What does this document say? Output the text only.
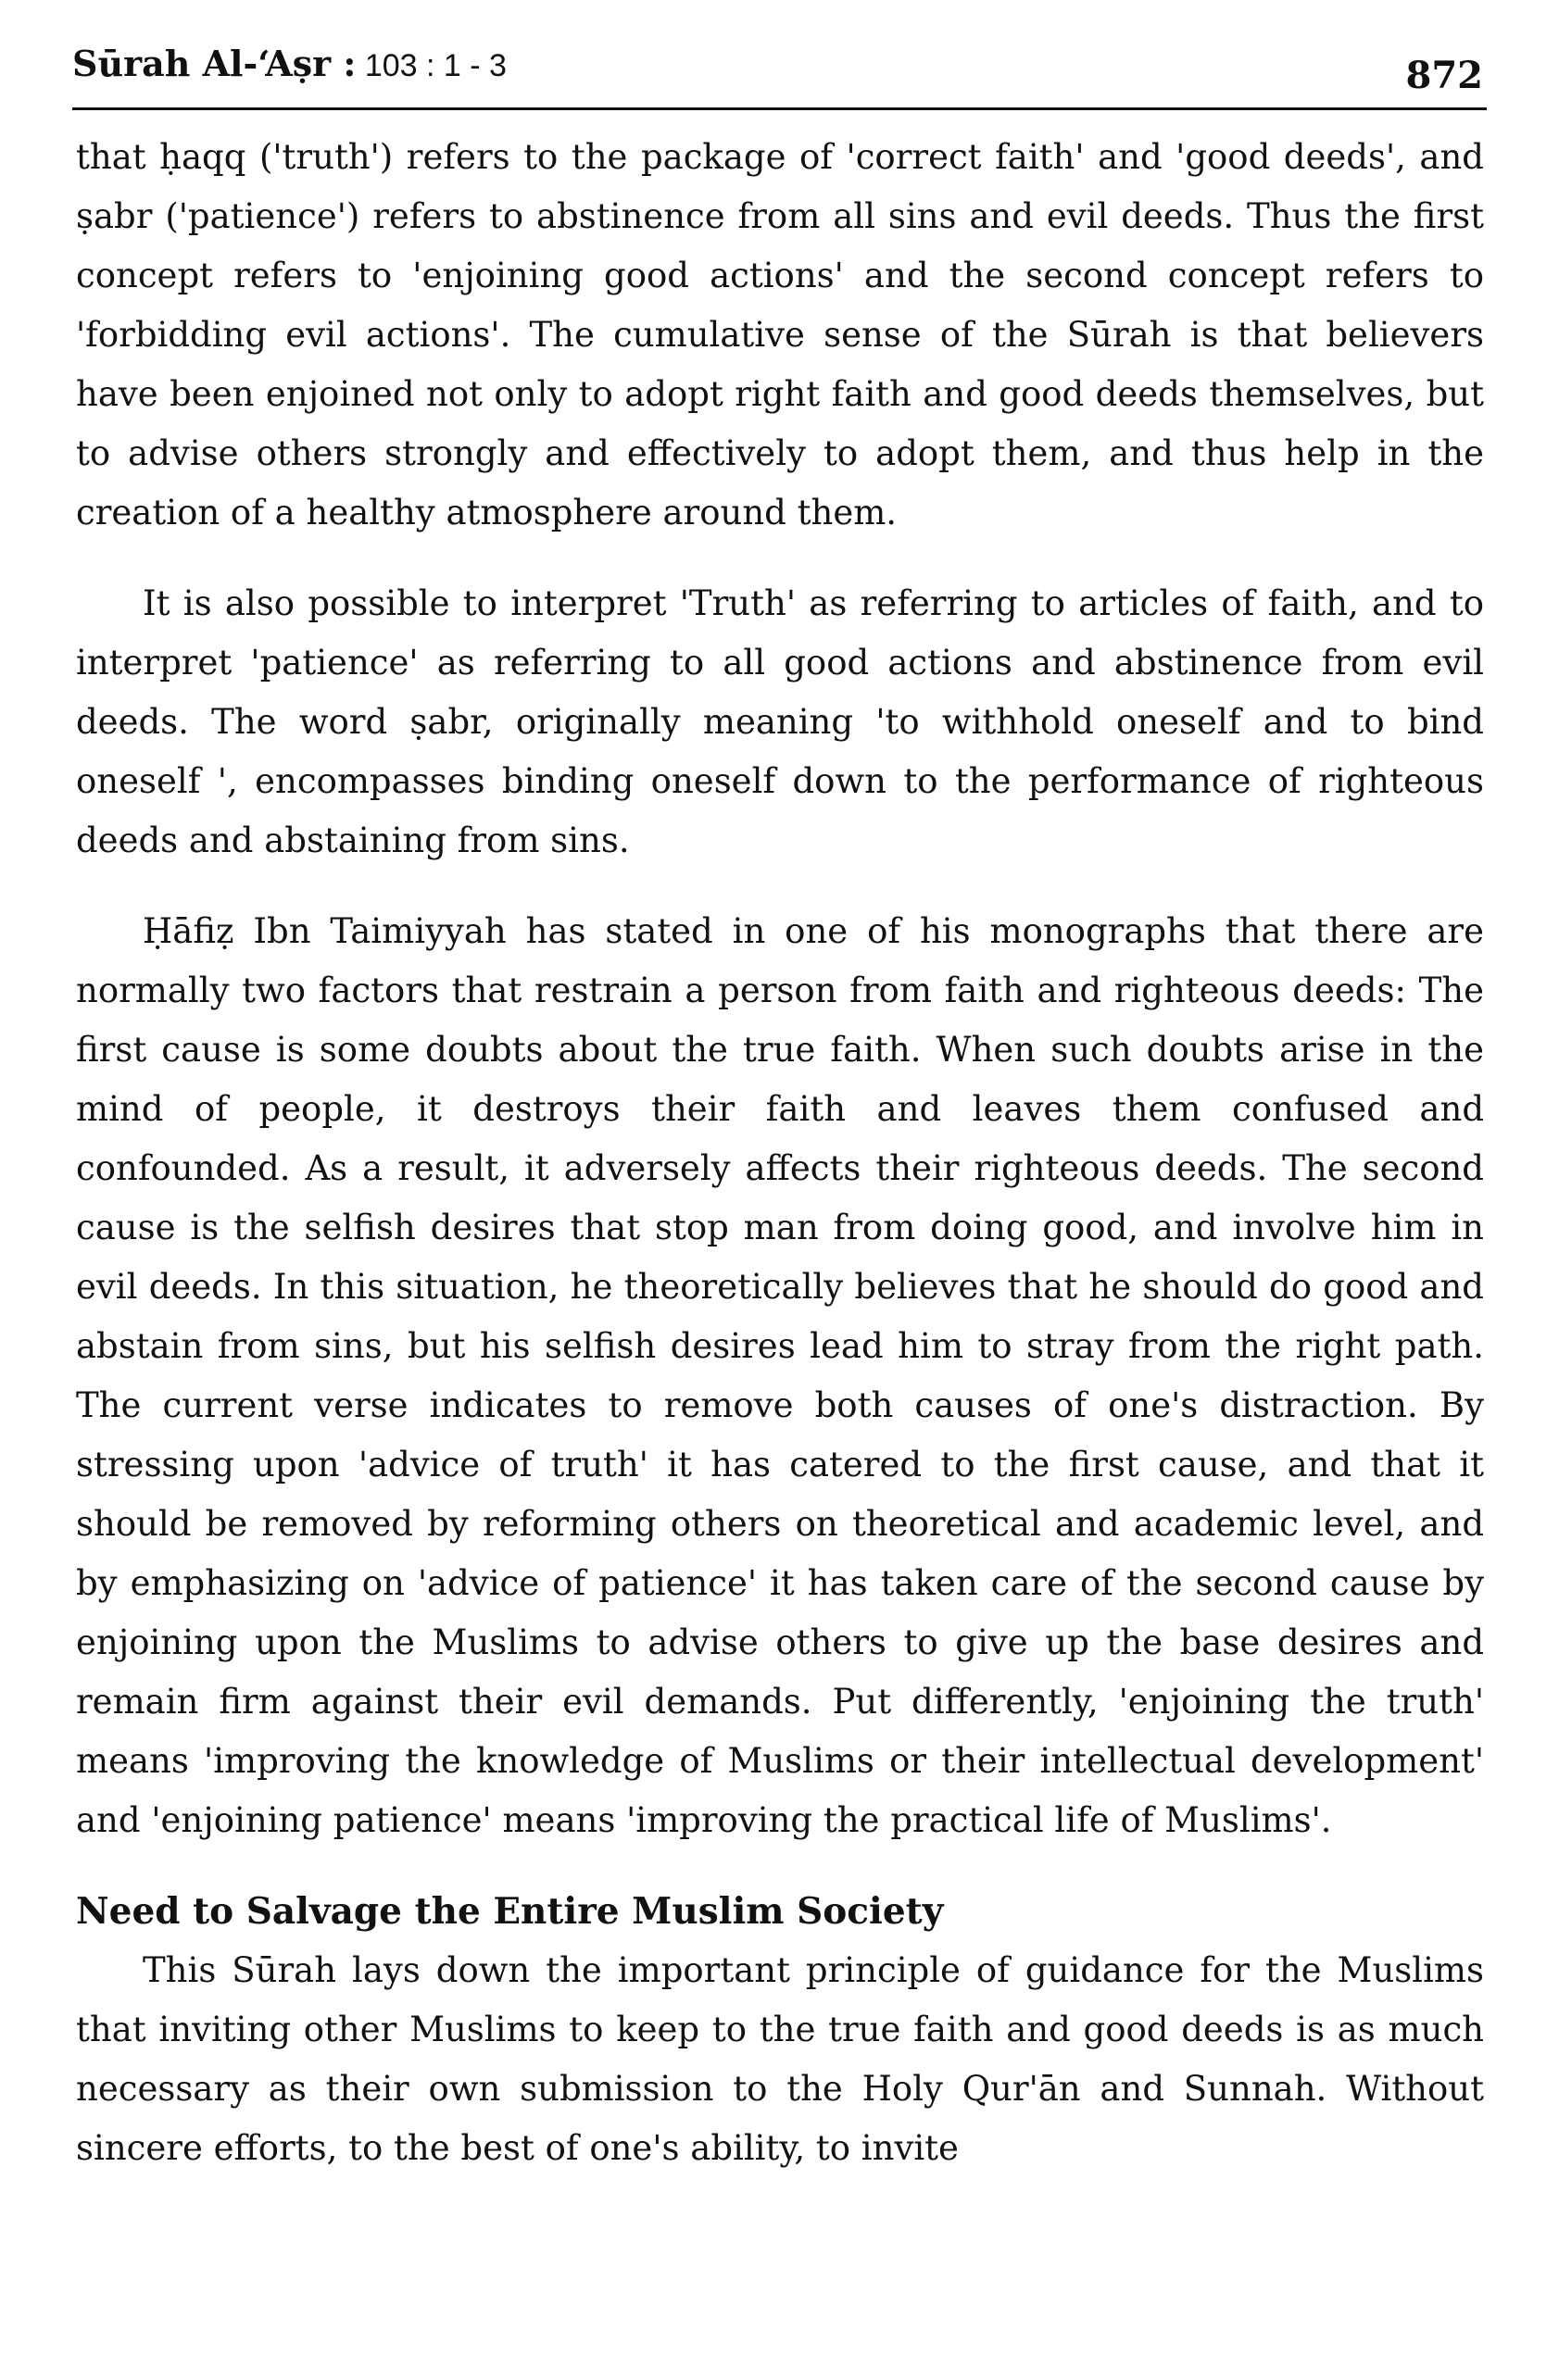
Sūrah Al-‘Aṣr : 103 : 1 - 3	872

that ḥaqq ('truth') refers to the package of 'correct faith' and 'good deeds', and ṣabr ('patience') refers to abstinence from all sins and evil deeds. Thus the first concept refers to 'enjoining good actions' and the second concept refers to 'forbidding evil actions'. The cumulative sense of the Sūrah is that believers have been enjoined not only to adopt right faith and good deeds themselves, but to advise others strongly and effectively to adopt them, and thus help in the creation of a healthy atmosphere around them.

It is also possible to interpret 'Truth' as referring to articles of faith, and to interpret 'patience' as referring to all good actions and abstinence from evil deeds. The word ṣabr, originally meaning 'to withhold oneself and to bind oneself ', encompasses binding oneself down to the performance of righteous deeds and abstaining from sins.

Ḥāfiẓ Ibn Taimiyyah has stated in one of his monographs that there are normally two factors that restrain a person from faith and righteous deeds: The first cause is some doubts about the true faith. When such doubts arise in the mind of people, it destroys their faith and leaves them confused and confounded. As a result, it adversely affects their righteous deeds. The second cause is the selfish desires that stop man from doing good, and involve him in evil deeds. In this situation, he theoretically believes that he should do good and abstain from sins, but his selfish desires lead him to stray from the right path. The current verse indicates to remove both causes of one's distraction. By stressing upon 'advice of truth' it has catered to the first cause, and that it should be removed by reforming others on theoretical and academic level, and by emphasizing on 'advice of patience' it has taken care of the second cause by enjoining upon the Muslims to advise others to give up the base desires and remain firm against their evil demands. Put differently, 'enjoining the truth' means 'improving the knowledge of Muslims or their intellectual development' and 'enjoining patience' means 'improving the practical life of Muslims'.

Need to Salvage the Entire Muslim Society

This Sūrah lays down the important principle of guidance for the Muslims that inviting other Muslims to keep to the true faith and good deeds is as much necessary as their own submission to the Holy Qur'ān and Sunnah. Without sincere efforts, to the best of one's ability, to invite
